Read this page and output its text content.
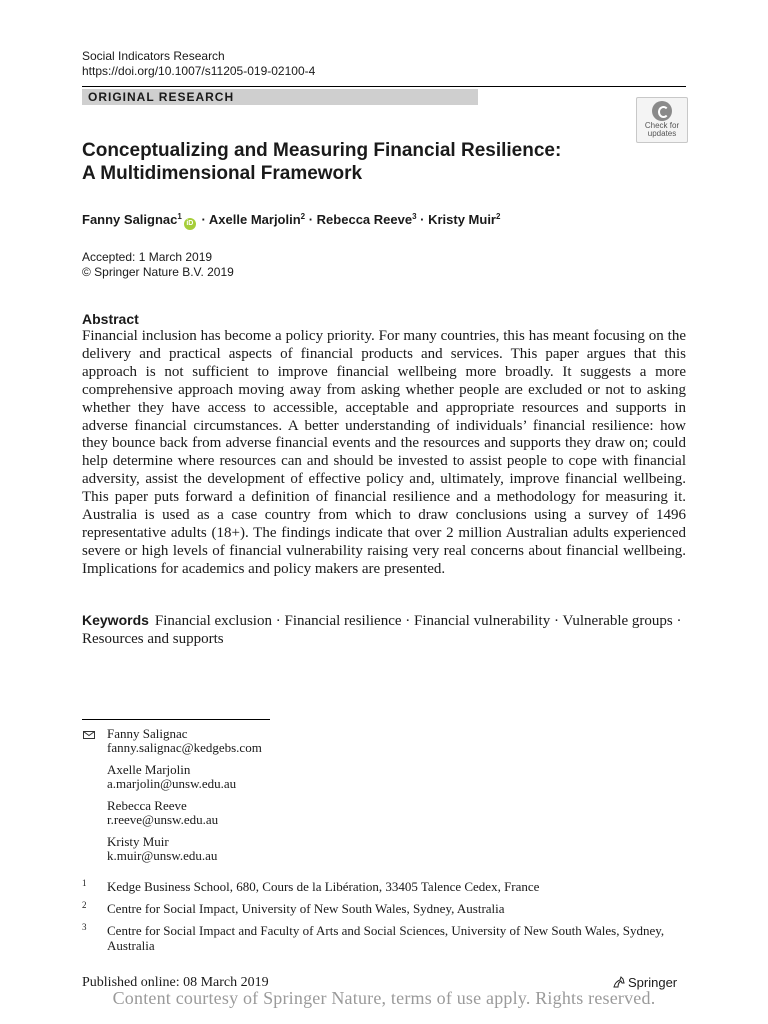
Social Indicators Research
https://doi.org/10.1007/s11205-019-02100-4
ORIGINAL RESEARCH
Check for
updates
Conceptualizing and Measuring Financial Resilience:
A Multidimensional Framework
Fanny Salignac$^1$iD · Axelle Marjolin$^2$ · Rebecca Reeve$^3$ · Kristy Muir$^2$
Accepted: 1 March 2019
© Springer Nature B.V. 2019
Abstract

Financial inclusion has become a policy priority. For many countries, this has meant focusing on the delivery and practical aspects of financial products and services. This paper argues that this approach is not sufficient to improve financial wellbeing more broadly. It suggests a more comprehensive approach moving away from asking whether people are excluded or not to asking whether they have access to accessible, acceptable and appropriate resources and supports in adverse financial circumstances. A better understanding of individuals’ financial resilience: how they bounce back from adverse financial events and the resources and supports they draw on; could help determine where resources can and should be invested to assist people to cope with financial adversity, assist the development of effective policy and, ultimately, improve financial wellbeing. This paper puts forward a definition of financial resilience and a methodology for measuring it. Australia is used as a case country from which to draw conclusions using a survey of 1496 representative adults (18+). The findings indicate that over 2 million Australian adults experienced severe or high levels of financial vulnerability raising very real concerns about financial wellbeing. Implications for academics and policy makers are presented.

Keywords Financial exclusion · Financial resilience · Financial vulnerability · Vulnerable groups · Resources and supports

Fanny Salignac
fanny.salignac@kedgebs.com
Axelle Marjolin
a.marjolin@unsw.edu.au
Rebecca Reeve
r.reeve@unsw.edu.au
Kristy Muir
k.muir@unsw.edu.au
1 Kedge Business School, 680, Cours de la Libération, 33405 Talence Cedex, France
2 Centre for Social Impact, University of New South Wales, Sydney, Australia
3 Centre for Social Impact and Faculty of Arts and Social Sciences, University of New South Wales, Sydney, Australia
Published online: 08 March 2019	Springer
Content courtesy of Springer Nature, terms of use apply. Rights reserved.
